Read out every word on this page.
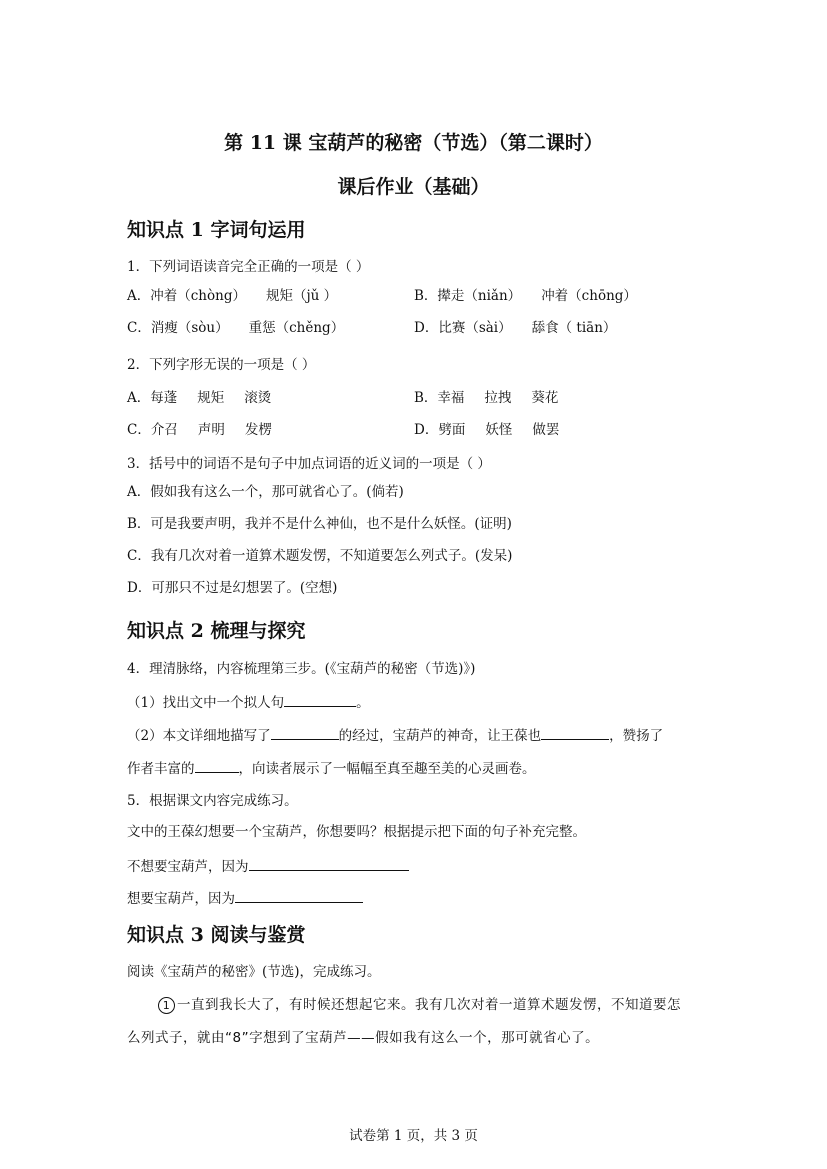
第 11 课 宝葫芦的秘密（节选）（第二课时）
课后作业（基础）
知识点 1 字词句运用
1．下列词语读音完全正确的一项是（ ）
A．冲着（chòng） 规矩（jǔ ）	B．撵走（niǎn） 冲着（chōng）
C．消瘦（sòu） 重惩（chěng）	D．比赛（sài） 舔食（ tiān）
2．下列字形无误的一项是（ ）
A．每蓬 规矩 滚烫	B．幸福 拉拽 葵花
C．介召 声明 发楞	D．劈面 妖怪 做罢
3．括号中的词语不是句子中加点词语的近义词的一项是（ ）
A．假如我有这么一个，那可就省心了。(倘若)
B．可是我要声明，我并不是什么神仙，也不是什么妖怪。(证明)
C．我有几次对着一道算术题发愣，不知道要怎么列式子。(发呆)
D．可那只不过是幻想罢了。(空想)
知识点 2 梳理与探究
4．理清脉络，内容梳理第三步。(《宝葫芦的秘密（节选)》)
（1）找出文中一个拟人句	。
（2）本文详细地描写了	的经过，宝葫芦的神奇，让王葆也	，赞扬了
作者丰富的	，向读者展示了一幅幅至真至趣至美的心灵画卷。
5．根据课文内容完成练习。
文中的王葆幻想要一个宝葫芦，你想要吗？根据提示把下面的句子补充完整。
不想要宝葫芦，因为
想要宝葫芦，因为
知识点 3 阅读与鉴赏
阅读《宝葫芦的秘密》(节选)，完成练习。
1 一直到我长大了，有时候还想起它来。我有几次对着一道算术题发愣，不知道要怎
么列式子，就由“8”字想到了宝葫芦——假如我有这么一个，那可就省心了。
试卷第 1 页，共 3 页
